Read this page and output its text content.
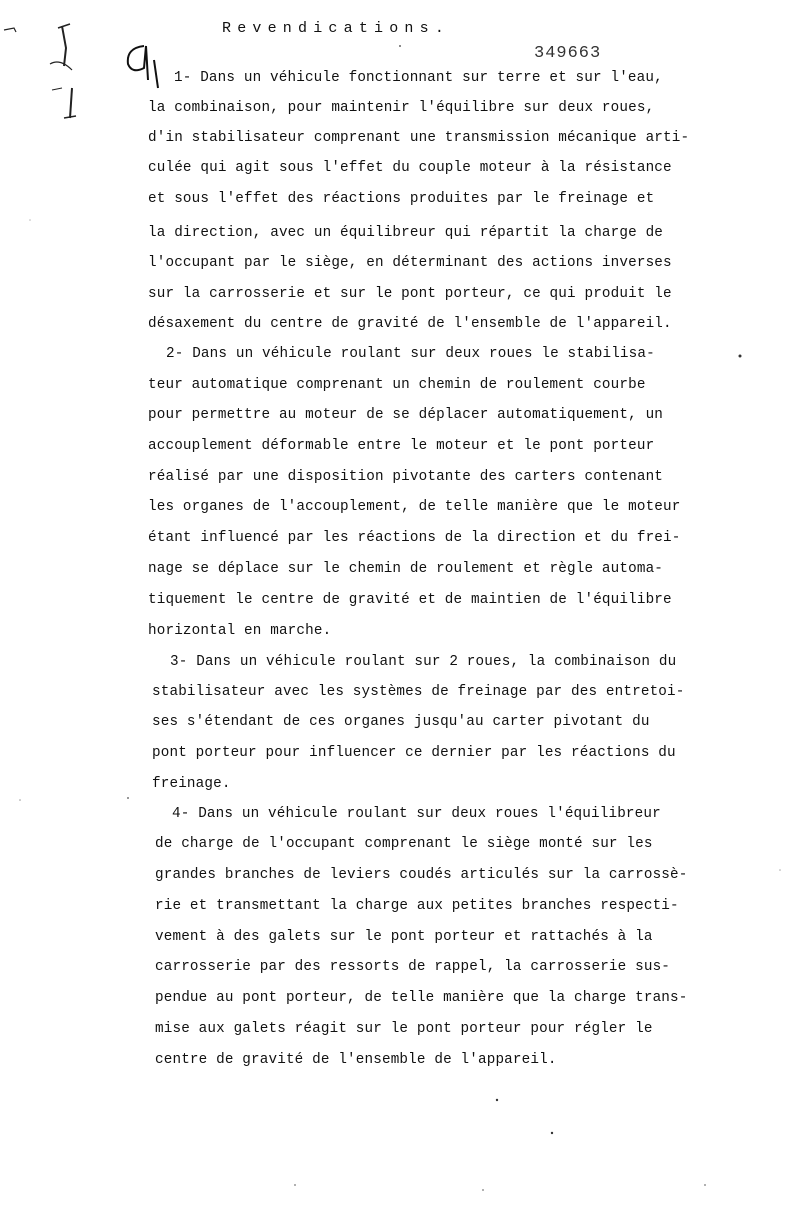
Revendications.
349663
1- Dans un véhicule fonctionnant sur terre et sur l'eau,
la combinaison, pour maintenir l'équilibre sur deux roues,
d'in stabilisateur comprenant une transmission mécanique arti-
culée qui agit sous l'effet du couple moteur à la résistance
et sous l'effet des réactions produites par le freinage et
la direction, avec un équilibreur qui répartit la charge de
l'occupant par le siège, en déterminant des actions inverses
sur la carrosserie et sur le pont porteur, ce qui produit le
désaxement du centre de gravité de l'ensemble de l'appareil.
2- Dans un véhicule roulant sur deux roues le stabilisa-
teur automatique comprenant un chemin de roulement courbe
pour permettre au moteur de se déplacer automatiquement, un
accouplement déformable entre le moteur et le pont porteur
réalisé par une disposition pivotante des carters contenant
les organes de l'accouplement, de telle manière que le moteur
étant influencé par les réactions de la direction et du frei-
nage se déplace sur le chemin de roulement et règle automa-
tiquement le centre de gravité et de maintien de l'équilibre
horizontal en marche.
3- Dans un véhicule roulant sur 2 roues, la combinaison du
stabilisateur avec les systèmes de freinage par des entretoi-
ses s'étendant de ces organes jusqu'au carter pivotant du
pont porteur pour influencer ce dernier par les réactions du
freinage.
4- Dans un véhicule roulant sur deux roues l'équilibreur
de charge de l'occupant comprenant le siège monté sur les
grandes branches de leviers coudés articulés sur la carrossè-
rie et transmettant la charge aux petites branches respecti-
vement à des galets sur le pont porteur et rattachés à la
carrosserie par des ressorts de rappel, la carrosserie sus-
pendue au pont porteur, de telle manière que la charge trans-
mise aux galets réagit sur le pont porteur pour régler le
centre de gravité de l'ensemble de l'appareil.
